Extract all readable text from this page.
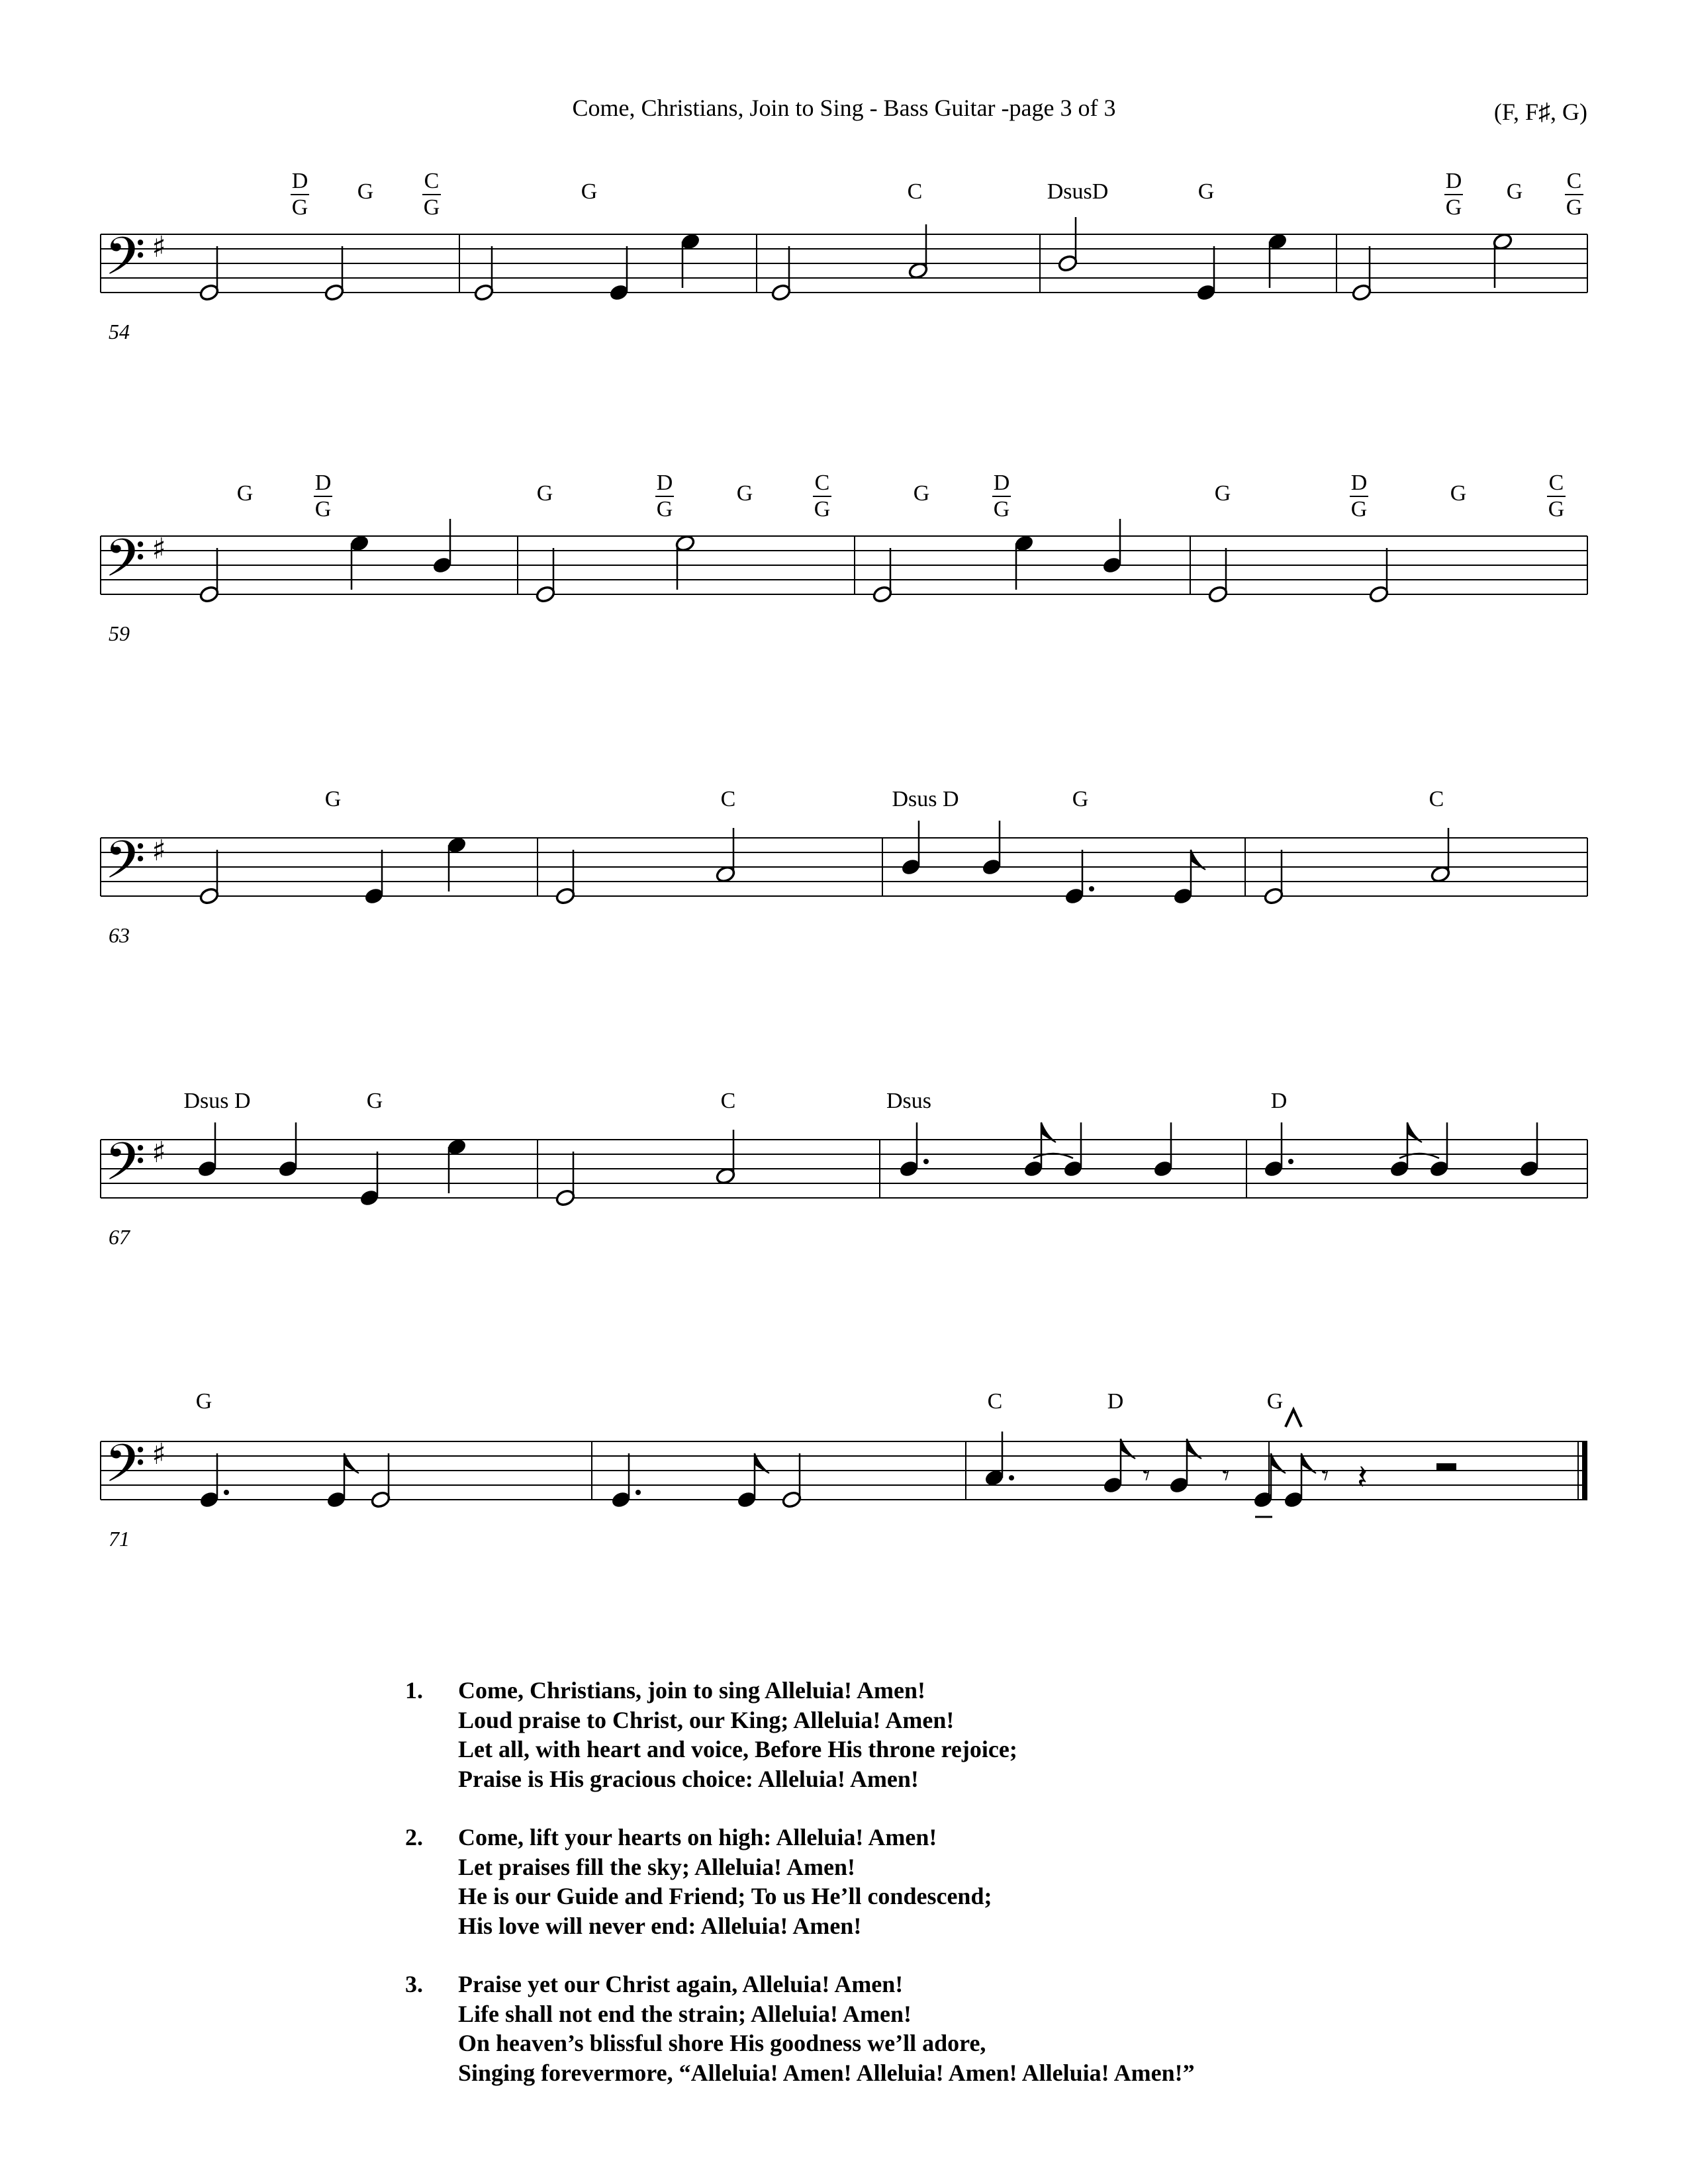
Come, Christians, Join to Sing - Bass Guitar -page 3 of 3	(F, F♯, G)
𝄢 ♯
54
D
G
G C
G
G	C	DsusD	G	D
G
G C
G
𝄢 ♯
59
G	D
G
G	D
G
G	C
G
G	D
G
G	D
G
G	C
G
𝄢 ♯
63
G	C	Dsus D	G	C
𝄢 ♯
67
Dsus D	G	C	Dsus	D
𝄢 ♯
71
G	C	D	G
𝄾 𝄾	𝄾 𝄽
1.	Come, Christians, join to sing Alleluia! Amen!
Loud praise to Christ, our King; Alleluia! Amen!
Let all, with heart and voice, Before His throne rejoice;
Praise is His gracious choice: Alleluia! Amen!
2.	Come, lift your hearts on high: Alleluia! Amen!
Let praises fill the sky; Alleluia! Amen!
He is our Guide and Friend; To us He’ll condescend;
His love will never end: Alleluia! Amen!
3.	Praise yet our Christ again, Alleluia! Amen!
Life shall not end the strain; Alleluia! Amen!
On heaven’s blissful shore His goodness we’ll adore,
Singing forevermore, “Alleluia! Amen! Alleluia! Amen! Alleluia! Amen!”
